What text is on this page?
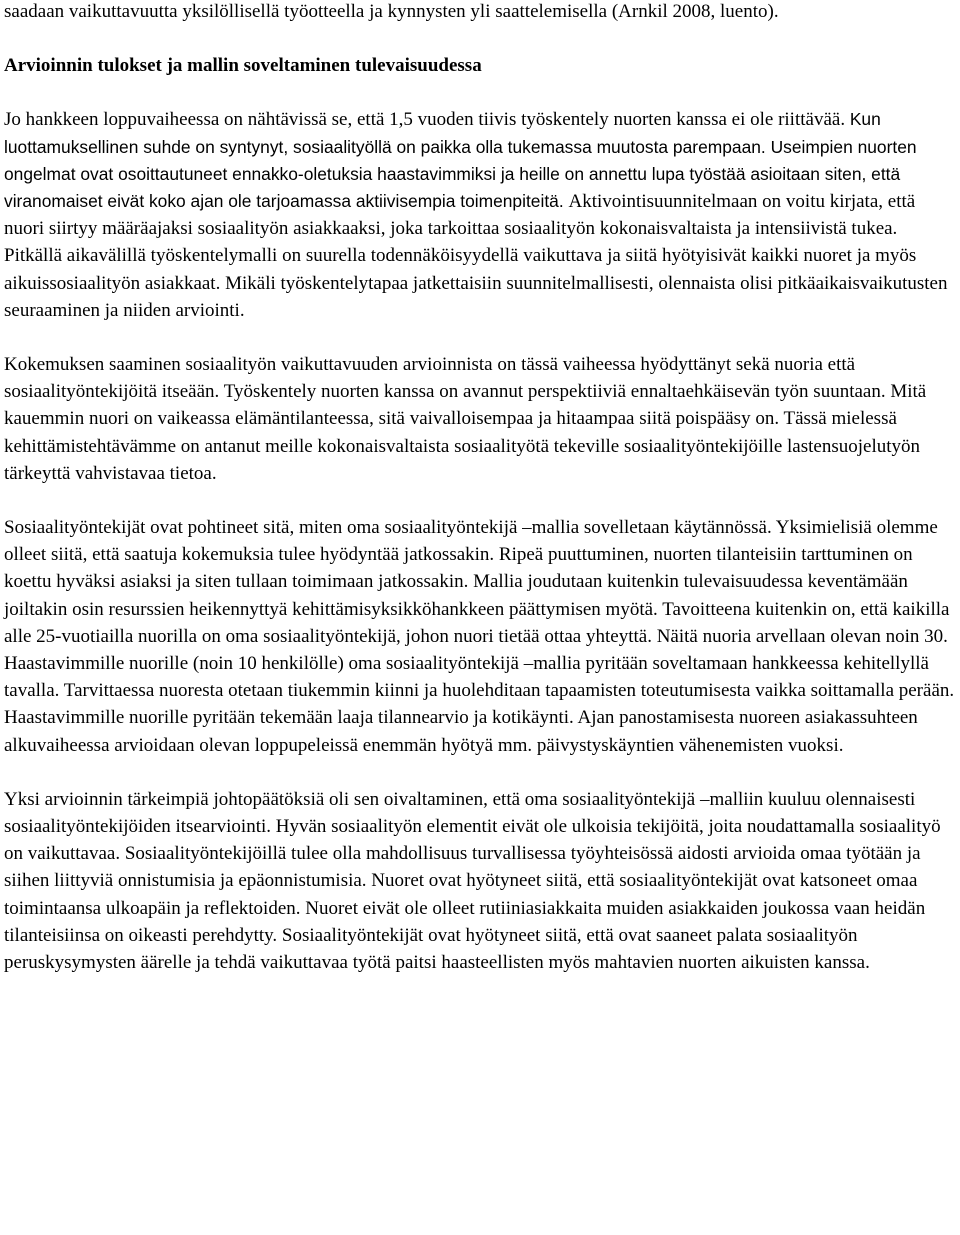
saadaan vaikuttavuutta yksilöllisellä työotteella ja kynnysten yli saattelemisella (Arnkil 2008, luento).

Arvioinnin tulokset ja mallin soveltaminen tulevaisuudessa

Jo hankkeen loppuvaiheessa on nähtävissä se, että 1,5 vuoden tiivis työskentely nuorten kanssa ei ole riittävää. Kun luottamuksellinen suhde on syntynyt, sosiaalityöllä on paikka olla tukemassa muutosta parempaan. Useimpien nuorten ongelmat ovat osoittautuneet ennakko-oletuksia haastavimmiksi ja heille on annettu lupa työstää asioitaan siten, että viranomaiset eivät koko ajan ole tarjoamassa aktiivisempia toimenpiteitä. Aktivointisuunnitelmaan on voitu kirjata, että nuori siirtyy määräajaksi sosiaalityön asiakkaaksi, joka tarkoittaa sosiaalityön kokonaisvaltaista ja intensiivistä tukea. Pitkällä aikavälillä työskentelymalli on suurella todennäköisyydellä vaikuttava ja siitä hyötyisivät kaikki nuoret ja myös aikuissosiaalityön asiakkaat. Mikäli työskentelytapaa jatkettaisiin suunnitelmallisesti, olennaista olisi pitkäaikaisvaikutusten seuraaminen ja niiden arviointi.

Kokemuksen saaminen sosiaalityön vaikuttavuuden arvioinnista on tässä vaiheessa hyödyttänyt sekä nuoria että sosiaalityöntekijöitä itseään. Työskentely nuorten kanssa on avannut perspektiiviä ennaltaehkäisevän työn suuntaan. Mitä kauemmin nuori on vaikeassa elämäntilanteessa, sitä vaivalloisempaa ja hitaampaa siitä poispääsy on. Tässä mielessä kehittämistehtävämme on antanut meille kokonaisvaltaista sosiaalityötä tekeville sosiaalityöntekijöille lastensuojelutyön tärkeyttä vahvistavaa tietoa.

Sosiaalityöntekijät ovat pohtineet sitä, miten oma sosiaalityöntekijä –mallia sovelletaan käytännössä. Yksimielisiä olemme olleet siitä, että saatuja kokemuksia tulee hyödyntää jatkossakin. Ripeä puuttuminen, nuorten tilanteisiin tarttuminen on koettu hyväksi asiaksi ja siten tullaan toimimaan jatkossakin. Mallia joudutaan kuitenkin tulevaisuudessa keventämään joiltakin osin resurssien heikennyttyä kehittämisyksikköhankkeen päättymisen myötä. Tavoitteena kuitenkin on, että kaikilla alle 25-vuotiailla nuorilla on oma sosiaalityöntekijä, johon nuori tietää ottaa yhteyttä. Näitä nuoria arvellaan olevan noin 30. Haastavimmille nuorille (noin 10 henkilölle) oma sosiaalityöntekijä –mallia pyritään soveltamaan hankkeessa kehitellyllä tavalla. Tarvittaessa nuoresta otetaan tiukemmin kiinni ja huolehditaan tapaamisten toteutumisesta vaikka soittamalla perään. Haastavimmille nuorille pyritään tekemään laaja tilannearvio ja kotikäynti. Ajan panostamisesta nuoreen asiakassuhteen alkuvaiheessa arvioidaan olevan loppupeleissä enemmän hyötyä mm. päivystyskäyntien vähenemisten vuoksi.

Yksi arvioinnin tärkeimpiä johtopäätöksiä oli sen oivaltaminen, että oma sosiaalityöntekijä –malliin kuuluu olennaisesti sosiaalityöntekijöiden itsearviointi. Hyvän sosiaalityön elementit eivät ole ulkoisia tekijöitä, joita noudattamalla sosiaalityö on vaikuttavaa. Sosiaalityöntekijöillä tulee olla mahdollisuus turvallisessa työyhteisössä aidosti arvioida omaa työtään ja siihen liittyviä onnistumisia ja epäonnistumisia. Nuoret ovat hyötyneet siitä, että sosiaalityöntekijät ovat katsoneet omaa toimintaansa ulkoapäin ja reflektoiden. Nuoret eivät ole olleet rutiiniasiakkaita muiden asiakkaiden joukossa vaan heidän tilanteisiinsa on oikeasti perehdytty. Sosiaalityöntekijät ovat hyötyneet siitä, että ovat saaneet palata sosiaalityön peruskysymysten äärelle ja tehdä vaikuttavaa työtä paitsi haasteellisten myös mahtavien nuorten aikuisten kanssa.
